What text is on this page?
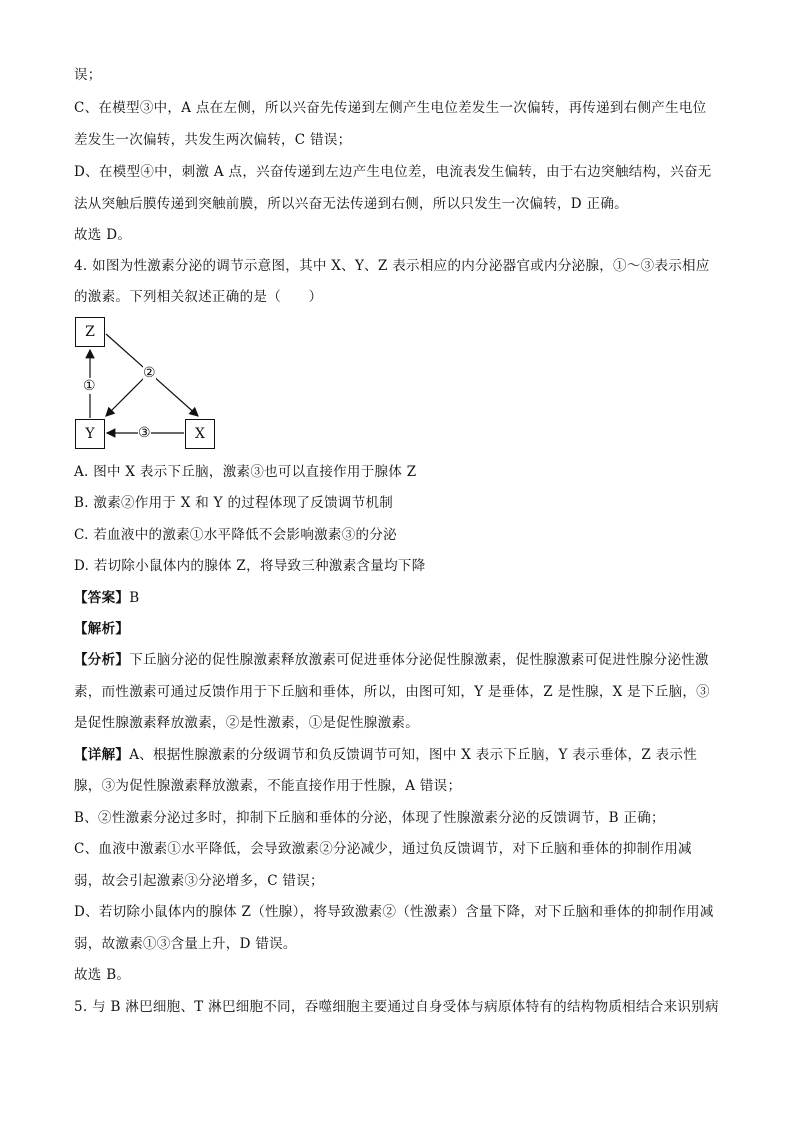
误；
C、在模型③中，A 点在左侧，所以兴奋先传递到左侧产生电位差发生一次偏转，再传递到右侧产生电位
差发生一次偏转，共发生两次偏转，C 错误；
D、在模型④中，刺激 A 点，兴奋传递到左边产生电位差，电流表发生偏转，由于右边突触结构，兴奋无
法从突触后膜传递到突触前膜，所以兴奋无法传递到右侧，所以只发生一次偏转，D 正确。
故选 D。
4. 如图为性激素分泌的调节示意图，其中 X、Y、Z 表示相应的内分泌器官或内分泌腺，①～③表示相应
的激素。下列相关叙述正确的是（　　）
Z
Y	X
①
②
③
A. 图中 X 表示下丘脑，激素③也可以直接作用于腺体 Z
B. 激素②作用于 X 和 Y 的过程体现了反馈调节机制
C. 若血液中的激素①水平降低不会影响激素③的分泌
D. 若切除小鼠体内的腺体 Z，将导致三种激素含量均下降
【答案】B
【解析】
【分析】下丘脑分泌的促性腺激素释放激素可促进垂体分泌促性腺激素，促性腺激素可促进性腺分泌性激
素，而性激素可通过反馈作用于下丘脑和垂体，所以，由图可知，Y 是垂体，Z 是性腺，X 是下丘脑，③
是促性腺激素释放激素，②是性激素，①是促性腺激素。
【详解】A、根据性腺激素的分级调节和负反馈调节可知，图中 X 表示下丘脑，Y 表示垂体，Z 表示性
腺，③为促性腺激素释放激素，不能直接作用于性腺，A 错误；
B、②性激素分泌过多时，抑制下丘脑和垂体的分泌，体现了性腺激素分泌的反馈调节，B 正确；
C、血液中激素①水平降低，会导致激素②分泌减少，通过负反馈调节，对下丘脑和垂体的抑制作用减
弱，故会引起激素③分泌增多，C 错误；
D、若切除小鼠体内的腺体 Z（性腺），将导致激素②（性激素）含量下降，对下丘脑和垂体的抑制作用减
弱，故激素①③含量上升，D 错误。
故选 B。
5. 与 B 淋巴细胞、T 淋巴细胞不同，吞噬细胞主要通过自身受体与病原体特有的结构物质相结合来识别病
